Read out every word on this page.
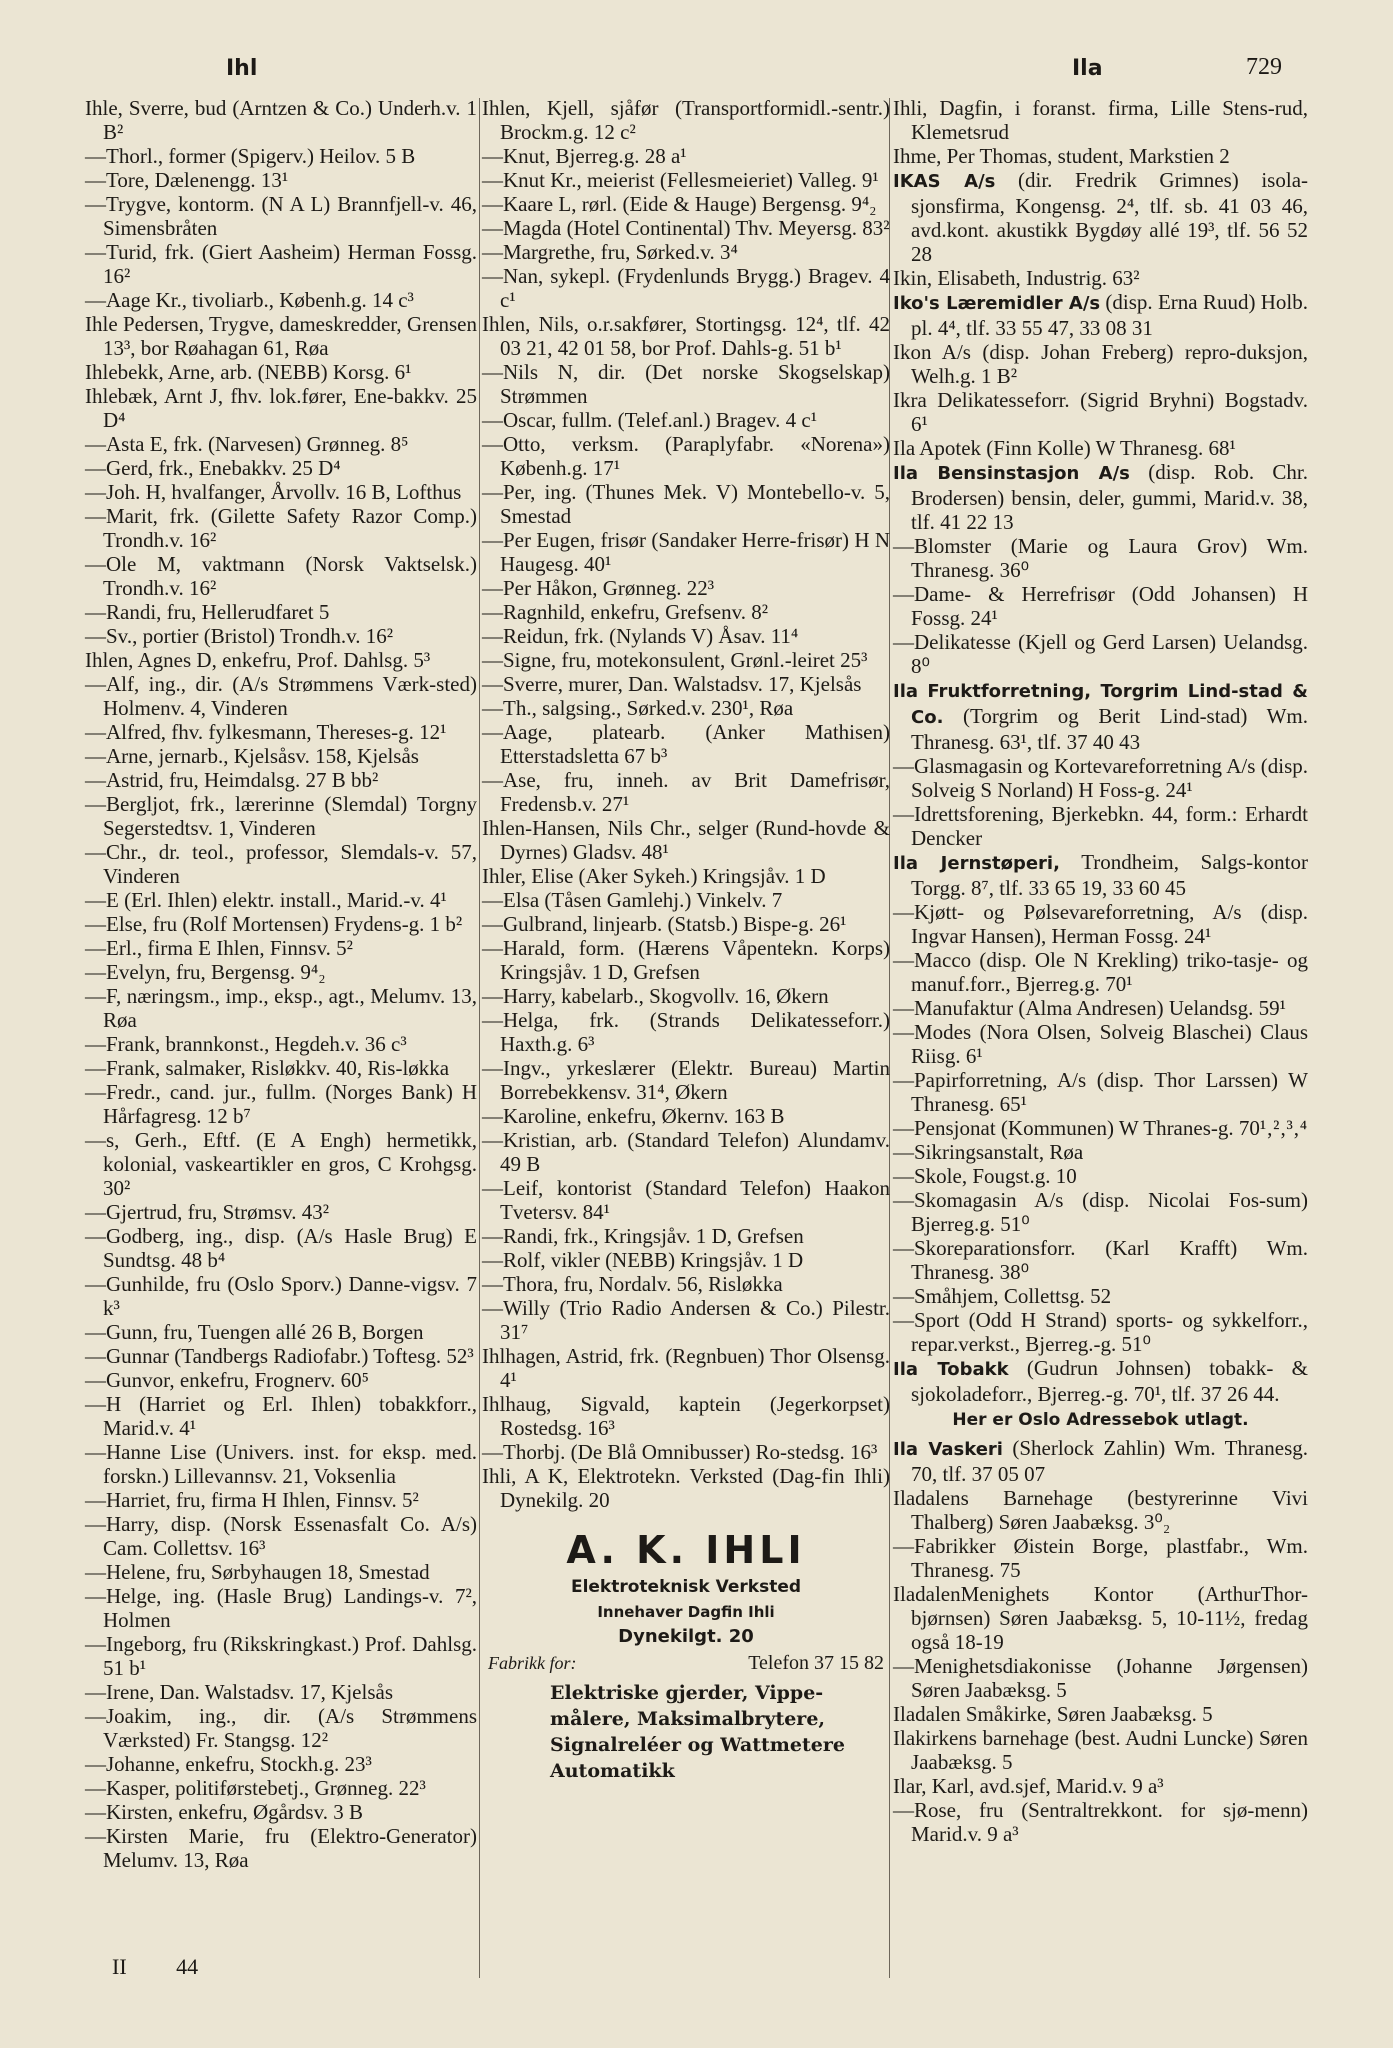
Ihl	Ila	729

Ihle, Sverre, bud (Arntzen & Co.) Underh.v. 1 B²

—Thorl., former (Spigerv.) Heilov. 5 B

—Tore, Dælenengg. 13¹

—Trygve, kontorm. (N A L) Brannfjell-v. 46, Simensbråten

—Turid, frk. (Giert Aasheim) Herman Fossg. 16²

—Aage Kr., tivoliarb., Københ.g. 14 c³

Ihle Pedersen, Trygve, dameskredder, Grensen 13³, bor Røahagan 61, Røa

Ihlebekk, Arne, arb. (NEBB) Korsg. 6¹

Ihlebæk, Arnt J, fhv. lok.fører, Ene-bakkv. 25 D⁴

—Asta E, frk. (Narvesen) Grønneg. 8⁵

—Gerd, frk., Enebakkv. 25 D⁴

—Joh. H, hvalfanger, Årvollv. 16 B, Lofthus

—Marit, frk. (Gilette Safety Razor Comp.) Trondh.v. 16²

—Ole M, vaktmann (Norsk Vaktselsk.) Trondh.v. 16²

—Randi, fru, Hellerudfaret 5

—Sv., portier (Bristol) Trondh.v. 16²

Ihlen, Agnes D, enkefru, Prof. Dahlsg. 5³

—Alf, ing., dir. (A/s Strømmens Værk-sted) Holmenv. 4, Vinderen

—Alfred, fhv. fylkesmann, Thereses-g. 12¹

—Arne, jernarb., Kjelsåsv. 158, Kjelsås

—Astrid, fru, Heimdalsg. 27 B bb²

—Bergljot, frk., lærerinne (Slemdal) Torgny Segerstedtsv. 1, Vinderen

—Chr., dr. teol., professor, Slemdals-v. 57, Vinderen

—E (Erl. Ihlen) elektr. install., Marid.-v. 4¹

—Else, fru (Rolf Mortensen) Frydens-g. 1 b²

—Erl., firma E Ihlen, Finnsv. 5²

—Evelyn, fru, Bergensg. 9⁴₂

—F, næringsm., imp., eksp., agt., Melumv. 13, Røa

—Frank, brannkonst., Hegdeh.v. 36 c³

—Frank, salmaker, Risløkkv. 40, Ris-løkka

—Fredr., cand. jur., fullm. (Norges Bank) H Hårfagresg. 12 b⁷

—s, Gerh., Eftf. (E A Engh) hermetikk, kolonial, vaskeartikler en gros, C Krohgsg. 30²

—Gjertrud, fru, Strømsv. 43²

—Godberg, ing., disp. (A/s Hasle Brug) E Sundtsg. 48 b⁴

—Gunhilde, fru (Oslo Sporv.) Danne-vigsv. 7 k³

—Gunn, fru, Tuengen allé 26 B, Borgen

—Gunnar (Tandbergs Radiofabr.) Toftesg. 52³

—Gunvor, enkefru, Frognerv. 60⁵

—H (Harriet og Erl. Ihlen) tobakkforr., Marid.v. 4¹

—Hanne Lise (Univers. inst. for eksp. med. forskn.) Lillevannsv. 21, Voksenlia

—Harriet, fru, firma H Ihlen, Finnsv. 5²

—Harry, disp. (Norsk Essenasfalt Co. A/s) Cam. Collettsv. 16³

—Helene, fru, Sørbyhaugen 18, Smestad

—Helge, ing. (Hasle Brug) Landings-v. 7², Holmen

—Ingeborg, fru (Rikskringkast.) Prof. Dahlsg. 51 b¹

—Irene, Dan. Walstadsv. 17, Kjelsås

—Joakim, ing., dir. (A/s Strømmens Værksted) Fr. Stangsg. 12²

—Johanne, enkefru, Stockh.g. 23³

—Kasper, politiførstebetj., Grønneg. 22³

—Kirsten, enkefru, Øgårdsv. 3 B

—Kirsten Marie, fru (Elektro-Generator) Melumv. 13, Røa

Ihlen, Kjell, sjåfør (Transportformidl.-sentr.) Brockm.g. 12 c²

—Knut, Bjerreg.g. 28 a¹

—Knut Kr., meierist (Fellesmeieriet) Valleg. 9¹

—Kaare L, rørl. (Eide & Hauge) Bergensg. 9⁴₂

—Magda (Hotel Continental) Thv. Meyersg. 83²

—Margrethe, fru, Sørked.v. 3⁴

—Nan, sykepl. (Frydenlunds Brygg.) Bragev. 4 c¹

Ihlen, Nils, o.r.sakfører, Stortingsg. 12⁴, tlf. 42 03 21, 42 01 58, bor Prof. Dahls-g. 51 b¹

—Nils N, dir. (Det norske Skogselskap) Strømmen

—Oscar, fullm. (Telef.anl.) Bragev. 4 c¹

—Otto, verksm. (Paraplyfabr. «Norena») Københ.g. 17¹

—Per, ing. (Thunes Mek. V) Montebello-v. 5, Smestad

—Per Eugen, frisør (Sandaker Herre-frisør) H N Haugesg. 40¹

—Per Håkon, Grønneg. 22³

—Ragnhild, enkefru, Grefsenv. 8²

—Reidun, frk. (Nylands V) Åsav. 11⁴

—Signe, fru, motekonsulent, Grønl.-leiret 25³

—Sverre, murer, Dan. Walstadsv. 17, Kjelsås

—Th., salgsing., Sørked.v. 230¹, Røa

—Aage, platearb. (Anker Mathisen) Etterstadsletta 67 b³

—Ase, fru, inneh. av Brit Damefrisør, Fredensb.v. 27¹

Ihlen-Hansen, Nils Chr., selger (Rund-hovde & Dyrnes) Gladsv. 48¹

Ihler, Elise (Aker Sykeh.) Kringsjåv. 1 D

—Elsa (Tåsen Gamlehj.) Vinkelv. 7

—Gulbrand, linjearb. (Statsb.) Bispe-g. 26¹

—Harald, form. (Hærens Våpentekn. Korps) Kringsjåv. 1 D, Grefsen

—Harry, kabelarb., Skogvollv. 16, Økern

—Helga, frk. (Strands Delikatesseforr.) Haxth.g. 6³

—Ingv., yrkeslærer (Elektr. Bureau) Martin Borrebekkensv. 31⁴, Økern

—Karoline, enkefru, Økernv. 163 B

—Kristian, arb. (Standard Telefon) Alundamv. 49 B

—Leif, kontorist (Standard Telefon) Haakon Tvetersv. 84¹

—Randi, frk., Kringsjåv. 1 D, Grefsen

—Rolf, vikler (NEBB) Kringsjåv. 1 D

—Thora, fru, Nordalv. 56, Risløkka

—Willy (Trio Radio Andersen & Co.) Pilestr. 31⁷

Ihlhagen, Astrid, frk. (Regnbuen) Thor Olsensg. 4¹

Ihlhaug, Sigvald, kaptein (Jegerkorpset) Rostedsg. 16³

—Thorbj. (De Blå Omnibusser) Ro-stedsg. 16³

Ihli, A K, Elektrotekn. Verksted (Dag-fin Ihli) Dynekilg. 20

A. K. IHLI
Elektroteknisk Verksted
Innehaver Dagfin Ihli
Dynekilgt. 20
Fabrikk for:	Telefon 37 15 82
Elektriske gjerder, Vippe-
målere, Maksimalbrytere,
Signalreléer og Wattmetere
Automatikk

Ihli, Dagfin, i foranst. firma, Lille Stens-rud, Klemetsrud

Ihme, Per Thomas, student, Markstien 2

IKAS A/s (dir. Fredrik Grimnes) isola-sjonsfirma, Kongensg. 2⁴, tlf. sb. 41 03 46, avd.kont. akustikk Bygdøy allé 19³, tlf. 56 52 28

Ikin, Elisabeth, Industrig. 63²

Iko's Læremidler A/s (disp. Erna Ruud) Holb. pl. 4⁴, tlf. 33 55 47, 33 08 31

Ikon A/s (disp. Johan Freberg) repro-duksjon, Welh.g. 1 B²

Ikra Delikatesseforr. (Sigrid Bryhni) Bogstadv. 6¹

Ila Apotek (Finn Kolle) W Thranesg. 68¹

Ila Bensinstasjon A/s (disp. Rob. Chr. Brodersen) bensin, deler, gummi, Marid.v. 38, tlf. 41 22 13

—Blomster (Marie og Laura Grov) Wm. Thranesg. 36⁰

—Dame- & Herrefrisør (Odd Johansen) H Fossg. 24¹

—Delikatesse (Kjell og Gerd Larsen) Uelandsg. 8⁰

Ila Fruktforretning, Torgrim Lind-stad & Co. (Torgrim og Berit Lind-stad) Wm. Thranesg. 63¹, tlf. 37 40 43

—Glasmagasin og Kortevareforretning A/s (disp. Solveig S Norland) H Foss-g. 24¹

—Idrettsforening, Bjerkebkn. 44, form.: Erhardt Dencker

Ila Jernstøperi, Trondheim, Salgs-kontor Torgg. 8⁷, tlf. 33 65 19, 33 60 45

—Kjøtt- og Pølsevareforretning, A/s (disp. Ingvar Hansen), Herman Fossg. 24¹

—Macco (disp. Ole N Krekling) triko-tasje- og manuf.forr., Bjerreg.g. 70¹

—Manufaktur (Alma Andresen) Uelandsg. 59¹

—Modes (Nora Olsen, Solveig Blaschei) Claus Riisg. 6¹

—Papirforretning, A/s (disp. Thor Larssen) W Thranesg. 65¹

—Pensjonat (Kommunen) W Thranes-g. 70¹‚²‚³‚⁴

—Sikringsanstalt, Røa

—Skole, Fougst.g. 10

—Skomagasin A/s (disp. Nicolai Fos-sum) Bjerreg.g. 51⁰

—Skoreparationsforr. (Karl Krafft) Wm. Thranesg. 38⁰

—Småhjem, Collettsg. 52

—Sport (Odd H Strand) sports- og sykkelforr., repar.verkst., Bjerreg.-g. 51⁰

Ila Tobakk (Gudrun Johnsen) tobakk- & sjokoladeforr., Bjerreg.-g. 70¹, tlf. 37 26 44.

Her er Oslo Adressebok utlagt.

Ila Vaskeri (Sherlock Zahlin) Wm. Thranesg. 70, tlf. 37 05 07

Iladalens Barnehage (bestyrerinne Vivi Thalberg) Søren Jaabæksg. 3⁰₂

—Fabrikker Øistein Borge, plastfabr., Wm. Thranesg. 75

IladalenMenighets Kontor (ArthurThor-bjørnsen) Søren Jaabæksg. 5, 10-11½, fredag også 18-19

—Menighetsdiakonisse (Johanne Jørgensen) Søren Jaabæksg. 5

Iladalen Småkirke, Søren Jaabæksg. 5

Ilakirkens barnehage (best. Audni Luncke) Søren Jaabæksg. 5

Ilar, Karl, avd.sjef, Marid.v. 9 a³

—Rose, fru (Sentraltrekkont. for sjø-menn) Marid.v. 9 a³

II 44
